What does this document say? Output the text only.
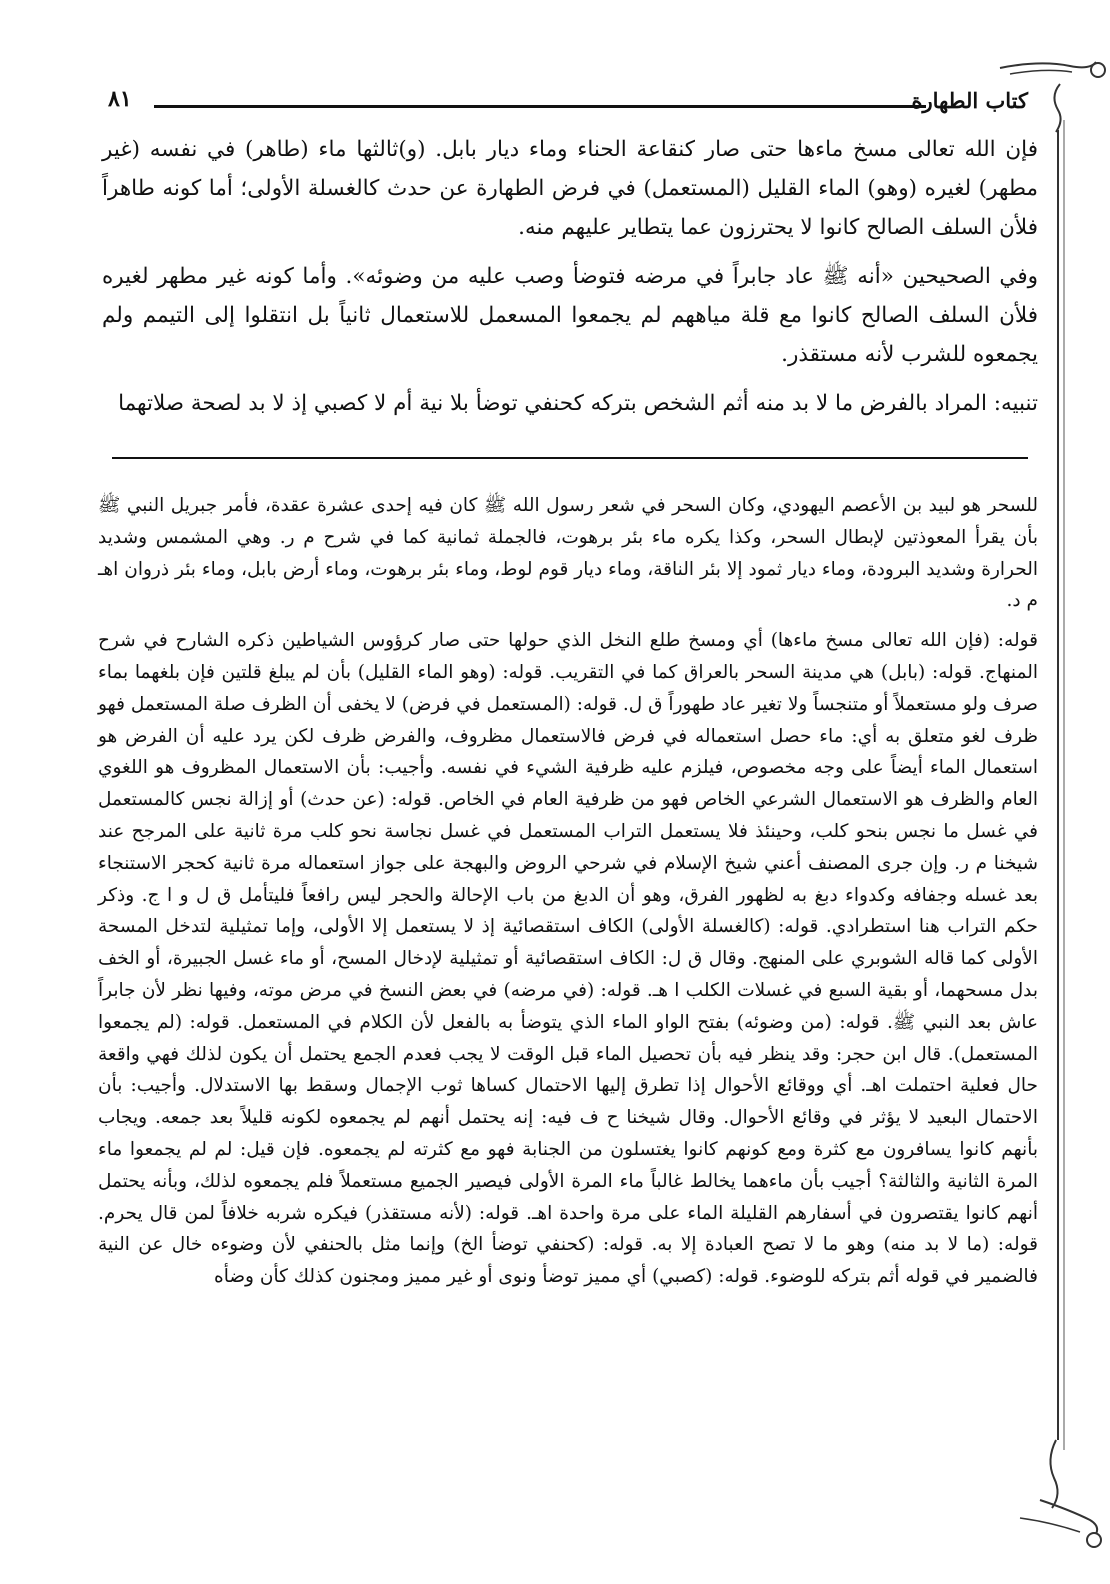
كتاب الطهارة
٨١

فإن الله تعالى مسخ ماءها حتى صار كنقاعة الحناء وماء ديار بابل. (و)ثالثها ماء (طاهر) في نفسه (غير مطهر) لغيره (وهو) الماء القليل (المستعمل) في فرض الطهارة عن حدث كالغسلة الأولى؛ أما كونه طاهراً فلأن السلف الصالح كانوا لا يحترزون عما يتطاير عليهم منه.

وفي الصحيحين «أنه ﷺ عاد جابراً في مرضه فتوضأ وصب عليه من وضوئه». وأما كونه غير مطهر لغيره فلأن السلف الصالح كانوا مع قلة مياههم لم يجمعوا المسعمل للاستعمال ثانياً بل انتقلوا إلى التيمم ولم يجمعوه للشرب لأنه مستقذر.

تنبيه: المراد بالفرض ما لا بد منه أثم الشخص بتركه كحنفي توضأ بلا نية أم لا كصبي إذ لا بد لصحة صلاتهما

للسحر هو لبيد بن الأعصم اليهودي، وكان السحر في شعر رسول الله ﷺ كان فيه إحدى عشرة عقدة، فأمر جبريل النبي ﷺ بأن يقرأ المعوذتين لإبطال السحر، وكذا يكره ماء بئر برهوت، فالجملة ثمانية كما في شرح م ر. وهي المشمس وشديد الحرارة وشديد البرودة، وماء ديار ثمود إلا بئر الناقة، وماء ديار قوم لوط، وماء بئر برهوت، وماء أرض بابل، وماء بئر ذروان اهـ م د.

قوله: (فإن الله تعالى مسخ ماءها) أي ومسخ طلع النخل الذي حولها حتى صار كرؤوس الشياطين ذكره الشارح في شرح المنهاج. قوله: (بابل) هي مدينة السحر بالعراق كما في التقريب. قوله: (وهو الماء القليل) بأن لم يبلغ قلتين فإن بلغهما بماء صرف ولو مستعملاً أو متنجساً ولا تغير عاد طهوراً ق ل. قوله: (المستعمل في فرض) لا يخفى أن الظرف صلة المستعمل فهو ظرف لغو متعلق به أي: ماء حصل استعماله في فرض فالاستعمال مظروف، والفرض ظرف لكن يرد عليه أن الفرض هو استعمال الماء أيضاً على وجه مخصوص، فيلزم عليه ظرفية الشيء في نفسه. وأجيب: بأن الاستعمال المظروف هو اللغوي العام والظرف هو الاستعمال الشرعي الخاص فهو من ظرفية العام في الخاص. قوله: (عن حدث) أو إزالة نجس كالمستعمل في غسل ما نجس بنحو كلب، وحينئذ فلا يستعمل التراب المستعمل في غسل نجاسة نحو كلب مرة ثانية على المرجح عند شيخنا م ر. وإن جرى المصنف أعني شيخ الإسلام في شرحي الروض والبهجة على جواز استعماله مرة ثانية كحجر الاستنجاء بعد غسله وجفافه وكدواء دبغ به لظهور الفرق، وهو أن الدبغ من باب الإحالة والحجر ليس رافعاً فليتأمل ق ل و ا ج. وذكر حكم التراب هنا استطرادي. قوله: (كالغسلة الأولى) الكاف استقصائية إذ لا يستعمل إلا الأولى، وإما تمثيلية لتدخل المسحة الأولى كما قاله الشوبري على المنهج. وقال ق ل: الكاف استقصائية أو تمثيلية لإدخال المسح، أو ماء غسل الجبيرة، أو الخف بدل مسحهما، أو بقية السبع في غسلات الكلب ا هـ. قوله: (في مرضه) في بعض النسخ في مرض موته، وفيها نظر لأن جابراً عاش بعد النبي ﷺ. قوله: (من وضوئه) بفتح الواو الماء الذي يتوضأ به بالفعل لأن الكلام في المستعمل. قوله: (لم يجمعوا المستعمل). قال ابن حجر: وقد ينظر فيه بأن تحصيل الماء قبل الوقت لا يجب فعدم الجمع يحتمل أن يكون لذلك فهي واقعة حال فعلية احتملت اهـ. أي ووقائع الأحوال إذا تطرق إليها الاحتمال كساها ثوب الإجمال وسقط بها الاستدلال. وأجيب: بأن الاحتمال البعيد لا يؤثر في وقائع الأحوال. وقال شيخنا ح ف فيه: إنه يحتمل أنهم لم يجمعوه لكونه قليلاً بعد جمعه. ويجاب بأنهم كانوا يسافرون مع كثرة ومع كونهم كانوا يغتسلون من الجنابة فهو مع كثرته لم يجمعوه. فإن قيل: لم لم يجمعوا ماء المرة الثانية والثالثة؟ أجيب بأن ماءهما يخالط غالباً ماء المرة الأولى فيصير الجميع مستعملاً فلم يجمعوه لذلك، وبأنه يحتمل أنهم كانوا يقتصرون في أسفارهم القليلة الماء على مرة واحدة اهـ. قوله: (لأنه مستقذر) فيكره شربه خلافاً لمن قال يحرم. قوله: (ما لا بد منه) وهو ما لا تصح العبادة إلا به. قوله: (كحنفي توضأ الخ) وإنما مثل بالحنفي لأن وضوءه خال عن النية فالضمير في قوله أثم بتركه للوضوء. قوله: (كصبي) أي مميز توضأ ونوى أو غير مميز ومجنون كذلك كأن وضأه
